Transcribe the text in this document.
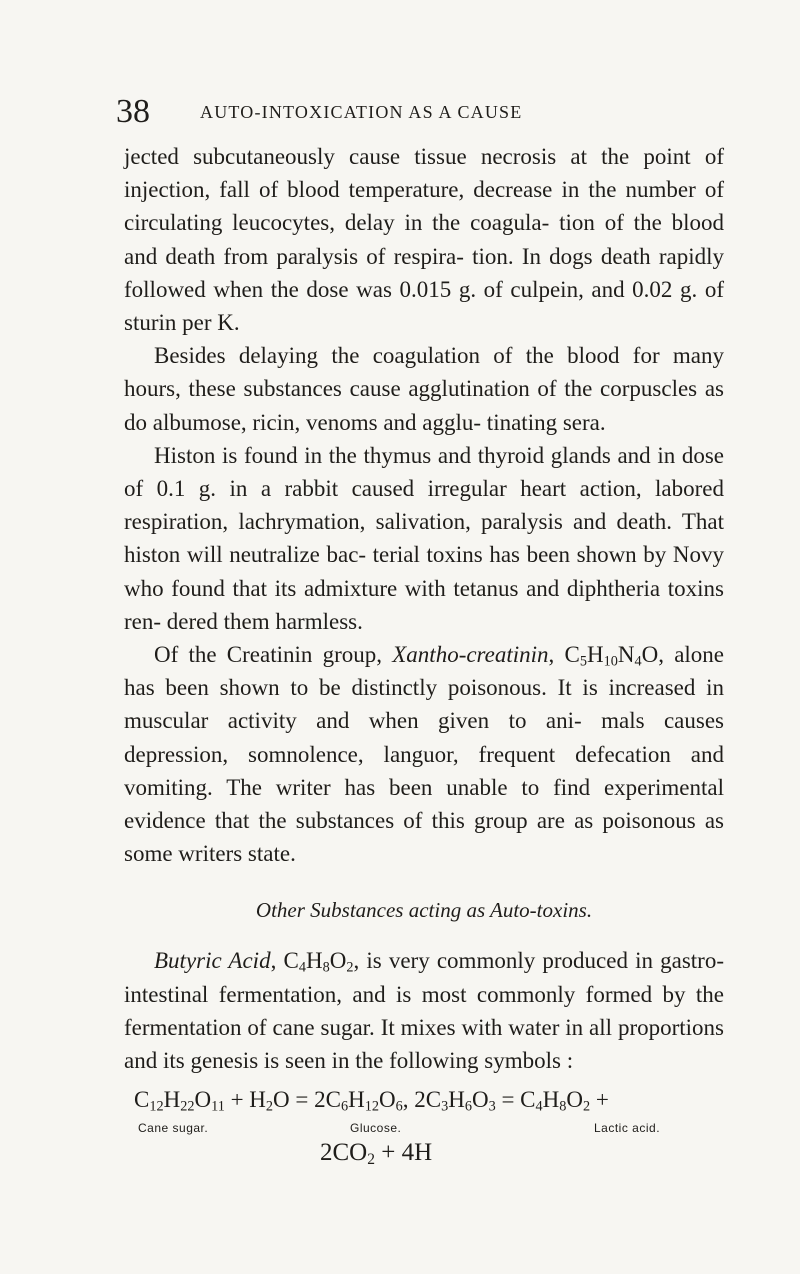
38	AUTO-INTOXICATION AS A CAUSE

jected subcutaneously cause tissue necrosis at the point of injection, fall of blood temperature, decrease in the number of circulating leucocytes, delay in the coagula- tion of the blood and death from paralysis of respira- tion. In dogs death rapidly followed when the dose was 0.015 g. of culpein, and 0.02 g. of sturin per K.

Besides delaying the coagulation of the blood for many hours, these substances cause agglutination of the corpuscles as do albumose, ricin, venoms and agglu- tinating sera.

Histon is found in the thymus and thyroid glands and in dose of 0.1 g. in a rabbit caused irregular heart action, labored respiration, lachrymation, salivation, paralysis and death. That histon will neutralize bac- terial toxins has been shown by Novy who found that its admixture with tetanus and diphtheria toxins ren- dered them harmless.

Of the Creatinin group, Xantho-creatinin, $C_5H_{10}N_4O$, alone has been shown to be distinctly poisonous. It is increased in muscular activity and when given to ani- mals causes depression, somnolence, languor, frequent defecation and vomiting. The writer has been unable to find experimental evidence that the substances of this group are as poisonous as some writers state.

Other Substances acting as Auto-toxins.

Butyric Acid, $C_4H_8O_2$, is very commonly produced in gastro-intestinal fermentation, and is most commonly formed by the fermentation of cane sugar. It mixes with water in all proportions and its genesis is seen in the following symbols :

$C_{12}H_{22}O_{11} + H_2O = 2C_6H_{12}O_6$, $2C_3H_6O_3 = C_4H_8O_2$ +
Cane sugar.	Glucose.	Lactic acid.
$2CO_2 + 4H$
